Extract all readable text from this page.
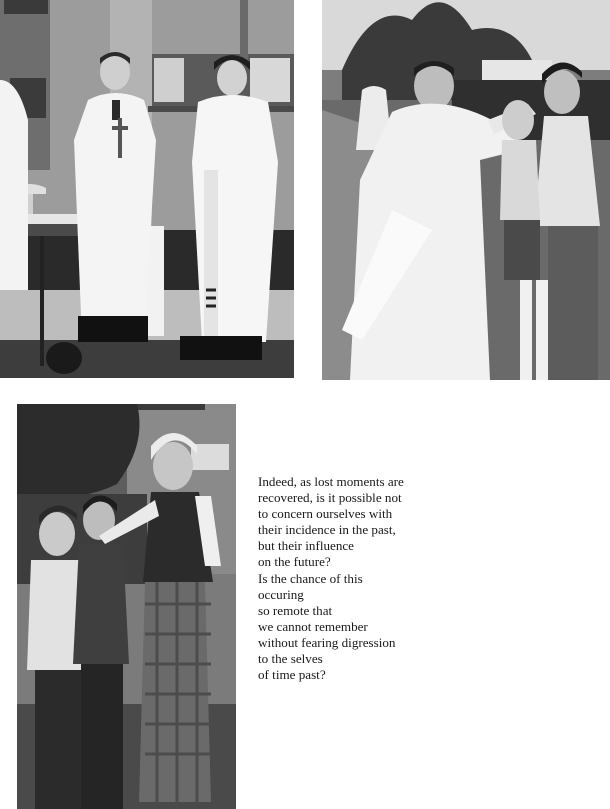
Indeed, as lost moments are
recovered, is it possible not
to concern ourselves with
their incidence in the past,
but their influence
on the future?
Is the chance of this
occuring
so remote that
we cannot remember
without fearing digression
to the selves
of time past?
